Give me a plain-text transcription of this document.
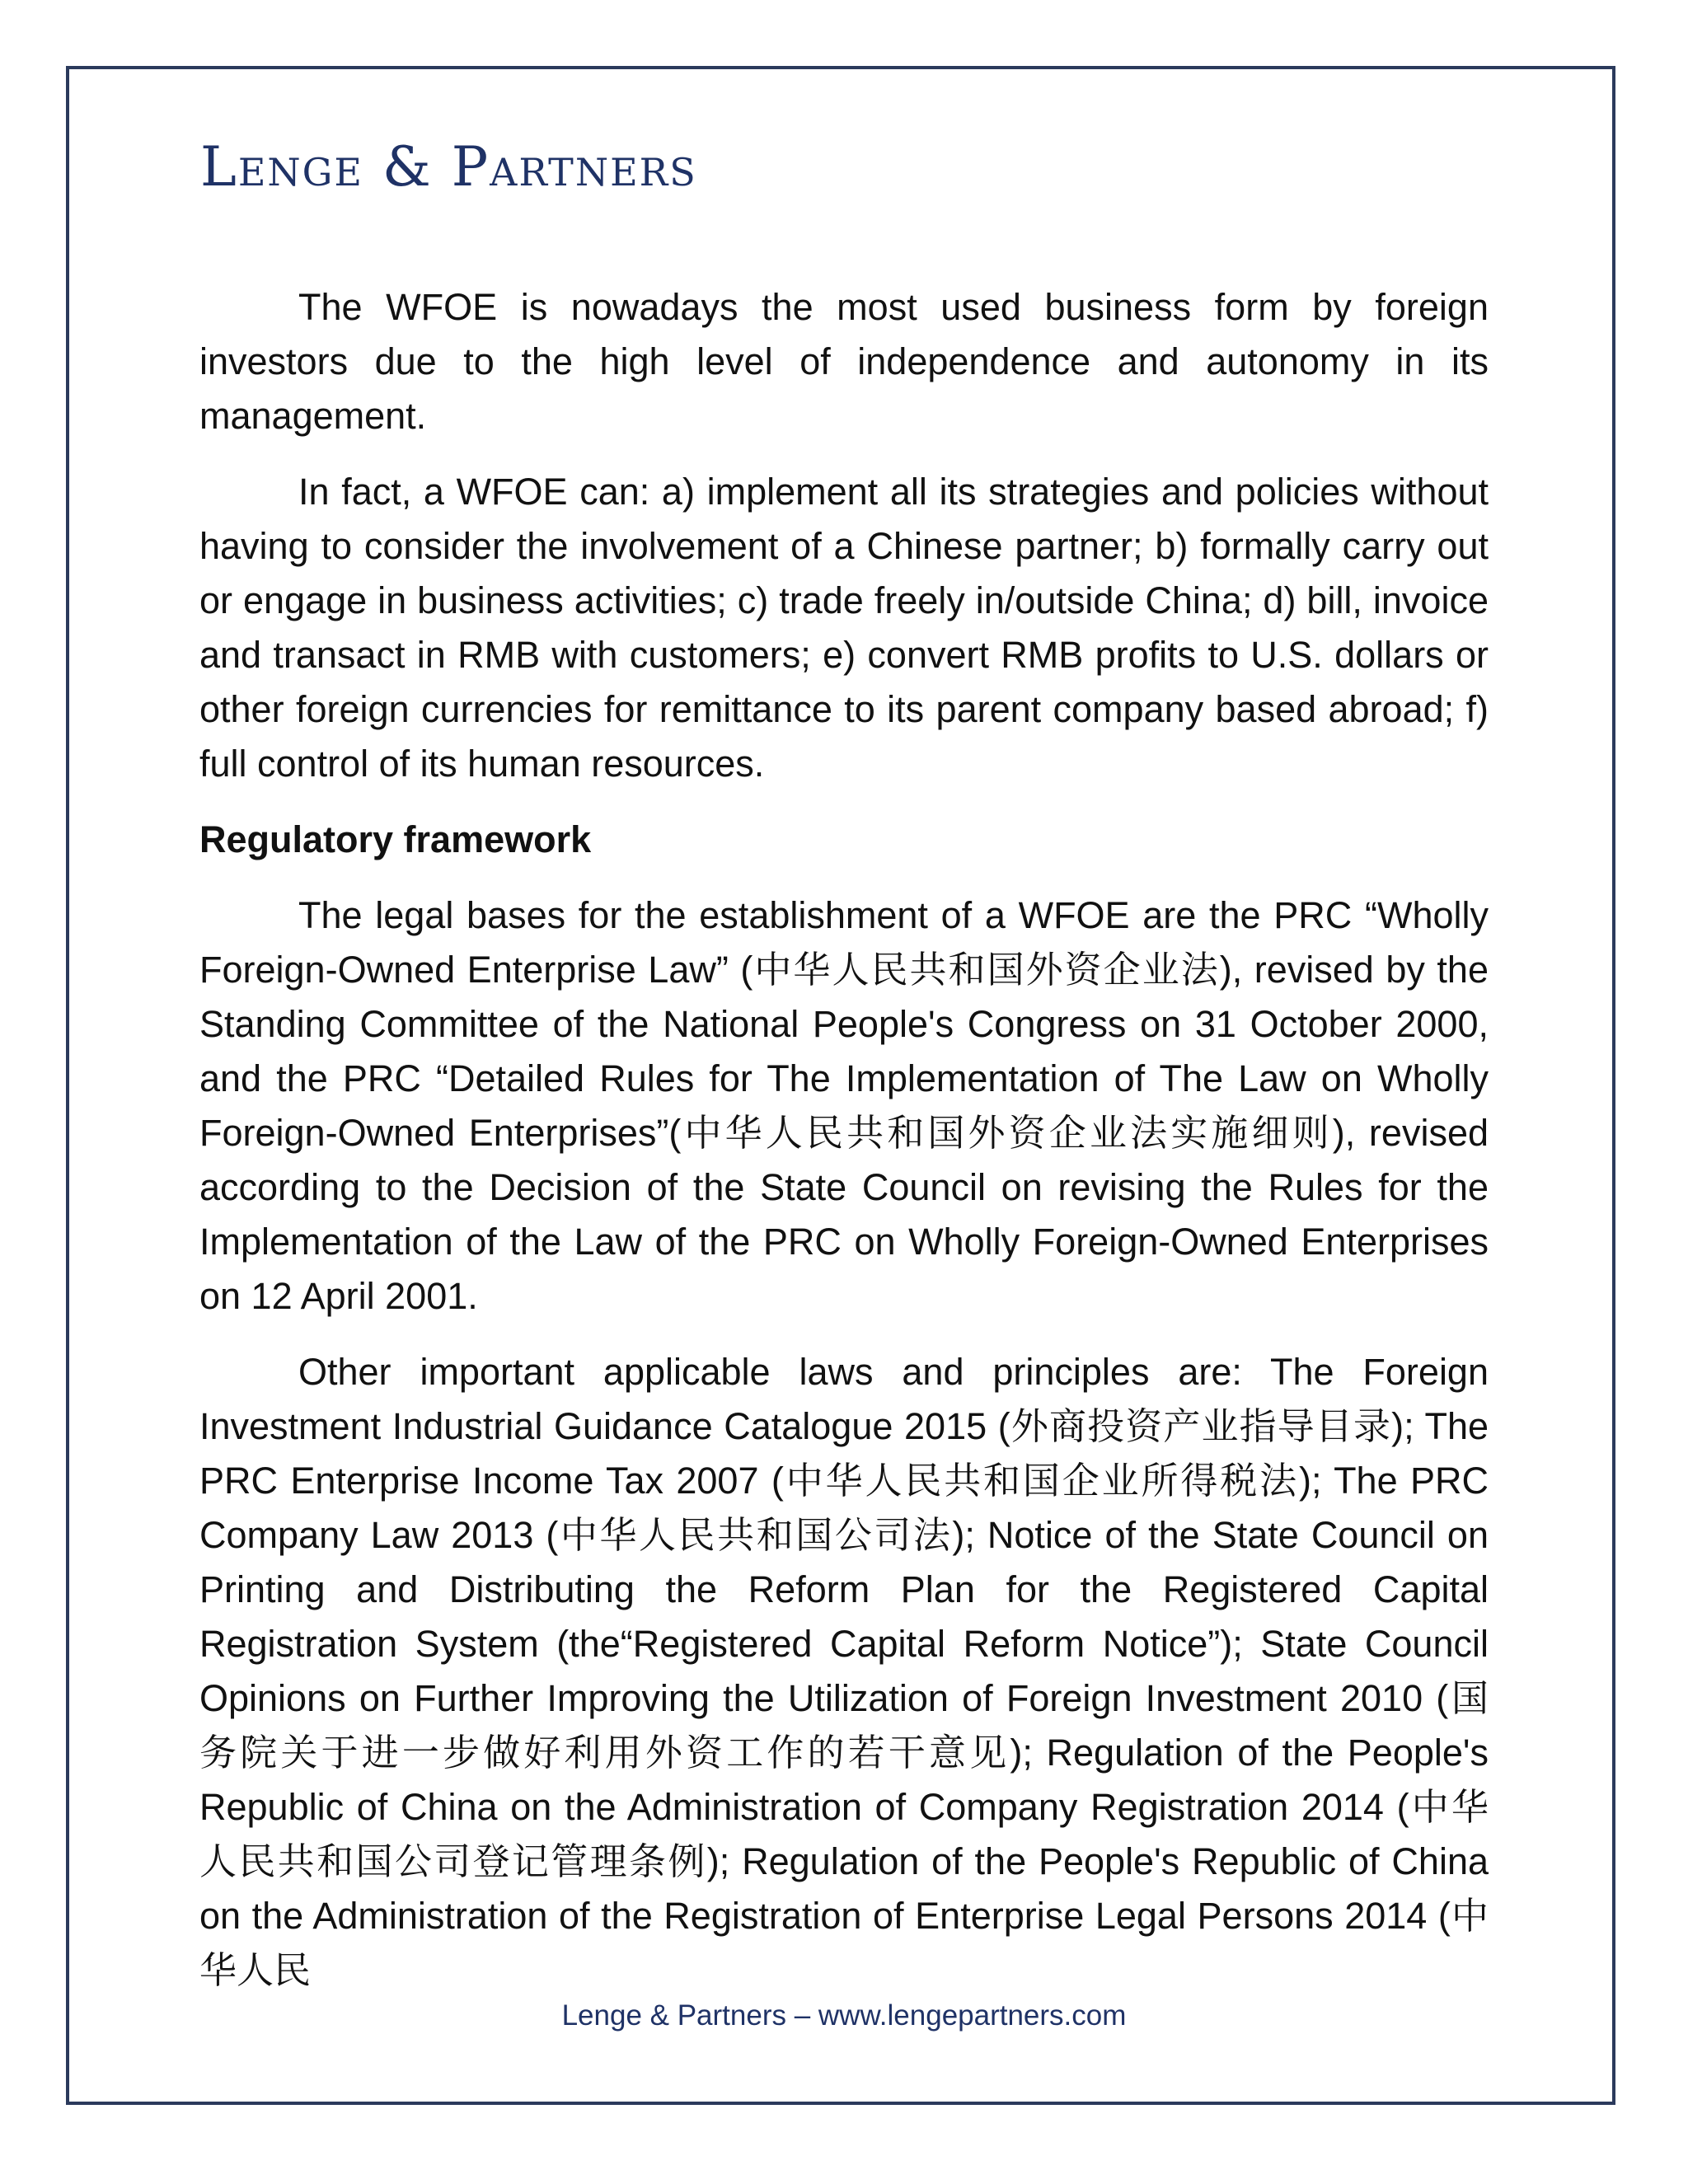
Lenge & Partners

The WFOE is nowadays the most used business form by foreign investors due to the high level of independence and autonomy in its management.

In fact, a WFOE can: a) implement all its strategies and policies without having to consider the involvement of a Chinese partner; b) formally carry out or engage in business activities; c) trade freely in/outside China; d) bill, invoice and transact in RMB with customers; e) convert RMB profits to U.S. dollars or other foreign currencies for remittance to its parent company based abroad; f) full control of its human resources.

Regulatory framework

The legal bases for the establishment of a WFOE are the PRC “Wholly Foreign-Owned Enterprise Law” (中华人民共和国外资企业法), revised by the Standing Committee of the National People's Congress on 31 October 2000, and the PRC “Detailed Rules for The Implementation of The Law on Wholly Foreign-Owned Enterprises”(中华人民共和国外资企业法实施细则), revised according to the Decision of the State Council on revising the Rules for the Implementation of the Law of the PRC on Wholly Foreign-Owned Enterprises on 12 April 2001.

Other important applicable laws and principles are: The Foreign Investment Industrial Guidance Catalogue 2015 (外商投资产业指导目录); The PRC Enterprise Income Tax 2007 (中华人民共和国企业所得税法); The PRC Company Law 2013 (中华人民共和国公司法); Notice of the State Council on Printing and Distributing the Reform Plan for the Registered Capital Registration System (the“Registered Capital Reform Notice”); State Council Opinions on Further Improving the Utilization of Foreign Investment 2010 (国务院关于进一步做好利用外资工作的若干意见); Regulation of the People's Republic of China on the Administration of Company Registration 2014 (中华人民共和国公司登记管理条例); Regulation of the People's Republic of China on the Administration of the Registration of Enterprise Legal Persons 2014 (中华人民

Lenge & Partners – www.lengepartners.com
